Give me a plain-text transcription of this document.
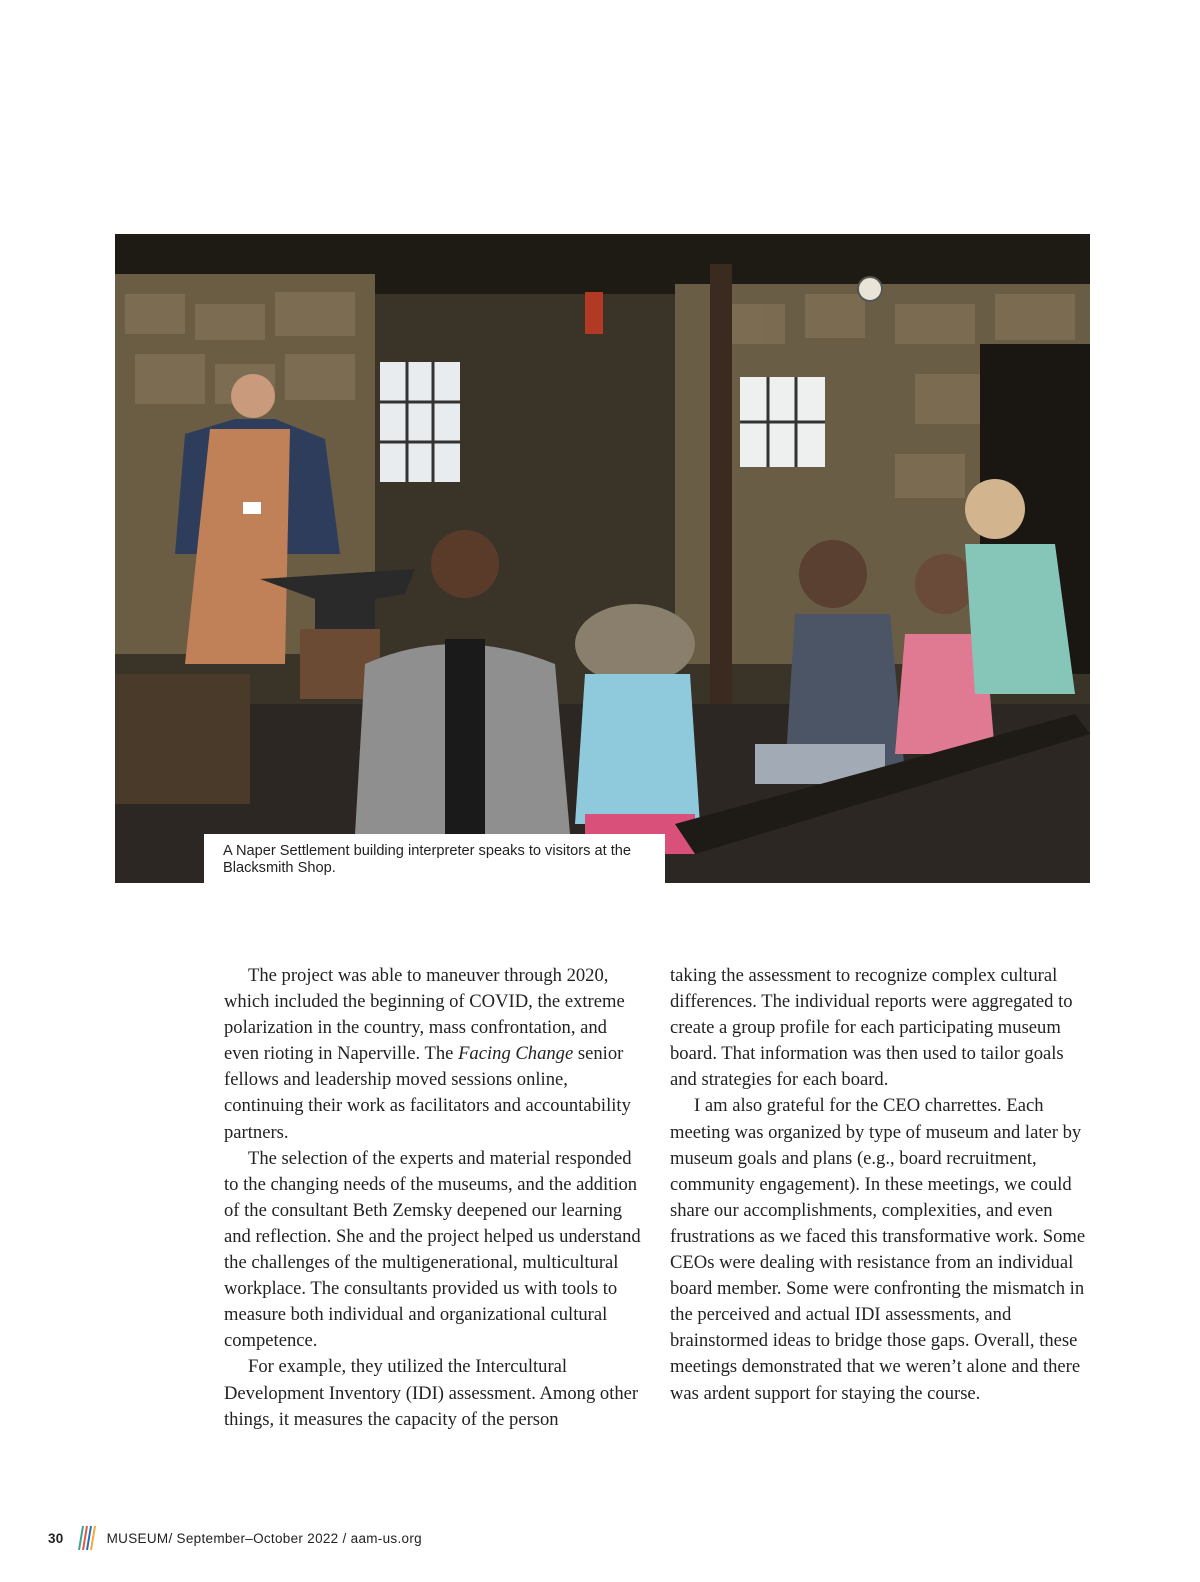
A Naper Settlement building interpreter speaks to visitors at the Blacksmith Shop.

The project was able to maneuver through 2020, which included the beginning of COVID, the extreme polarization in the country, mass confrontation, and even rioting in Naperville. The Facing Change senior fellows and leadership moved sessions online, continuing their work as facilitators and accountability partners.

The selection of the experts and material responded to the changing needs of the museums, and the addition of the consultant Beth Zemsky deepened our learning and reflection. She and the project helped us understand the challenges of the multigenerational, multicultural workplace. The consultants provided us with tools to measure both individual and organizational cultural competence.

For example, they utilized the Intercultural Development Inventory (IDI) assessment. Among other things, it measures the capacity of the person

taking the assessment to recognize complex cultural differences. The individual reports were aggregated to create a group profile for each participating museum board. That information was then used to tailor goals and strategies for each board.

I am also grateful for the CEO charrettes. Each meeting was organized by type of museum and later by museum goals and plans (e.g., board recruitment, community engagement). In these meetings, we could share our accomplishments, complexities, and even frustrations as we faced this transformative work. Some CEOs were dealing with resistance from an individual board member. Some were confronting the mismatch in the perceived and actual IDI assessments, and brainstormed ideas to bridge those gaps. Overall, these meetings demonstrated that we weren’t alone and there was ardent support for staying the course.

30	MUSEUM / September–October 2022 / aam-us.org
